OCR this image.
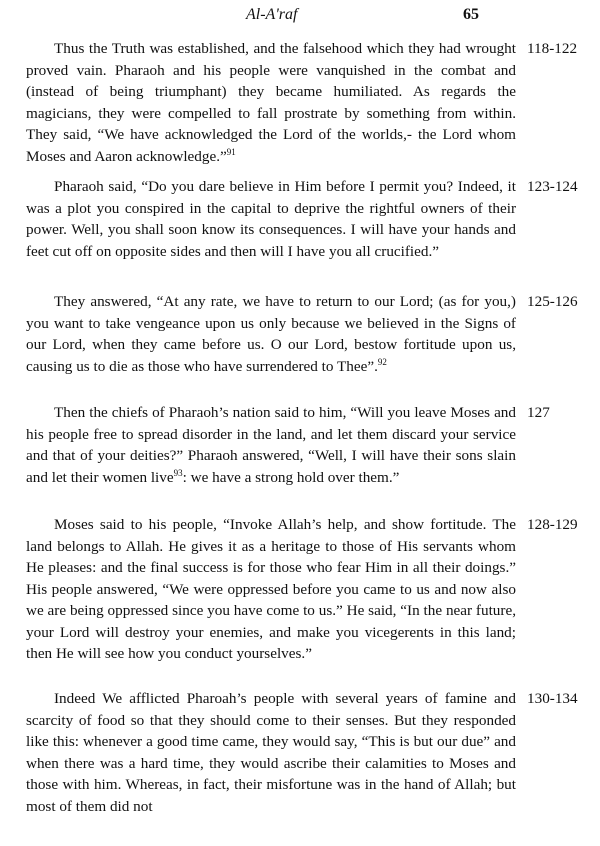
Al-A'raf	65

Thus the Truth was established, and the falsehood which they had wrought proved vain. Pharaoh and his people were vanquished in the combat and (instead of being triumphant) they became humiliated. As regards the magicians, they were compelled to fall prostrate by something from within. They said, “We have acknowledged the Lord of the worlds,- the Lord whom Moses and Aaron acknowledge.”$^{91}$

118-122

Pharaoh said, “Do you dare believe in Him before I permit you? Indeed, it was a plot you conspired in the capital to deprive the rightful owners of their power. Well, you shall soon know its consequences. I will have your hands and feet cut off on opposite sides and then will I have you all crucified.”

123-124

They answered, “At any rate, we have to return to our Lord; (as for you,) you want to take vengeance upon us only because we believed in the Signs of our Lord, when they came before us. O our Lord, bestow fortitude upon us, causing us to die as those who have surrendered to Thee”.$^{92}$

125-126

Then the chiefs of Pharaoh’s nation said to him, “Will you leave Moses and his people free to spread disorder in the land, and let them discard your service and that of your deities?” Pharaoh answered, “Well, I will have their sons slain and let their women live$^{93}$: we have a strong hold over them.”

127

Moses said to his people, “Invoke Allah’s help, and show fortitude. The land belongs to Allah. He gives it as a heritage to those of His servants whom He pleases: and the final success is for those who fear Him in all their doings.” His people answered, “We were oppressed before you came to us and now also we are being oppressed since you have come to us.” He said, “In the near future, your Lord will destroy your enemies, and make you vicegerents in this land; then He will see how you conduct yourselves.”

128-129

Indeed We afflicted Pharoah’s people with several years of famine and scarcity of food so that they should come to their senses. But they responded like this: whenever a good time came, they would say, “This is but our due” and when there was a hard time, they would ascribe their calamities to Moses and those with him. Whereas, in fact, their misfortune was in the hand of Allah; but most of them did not

130-134
